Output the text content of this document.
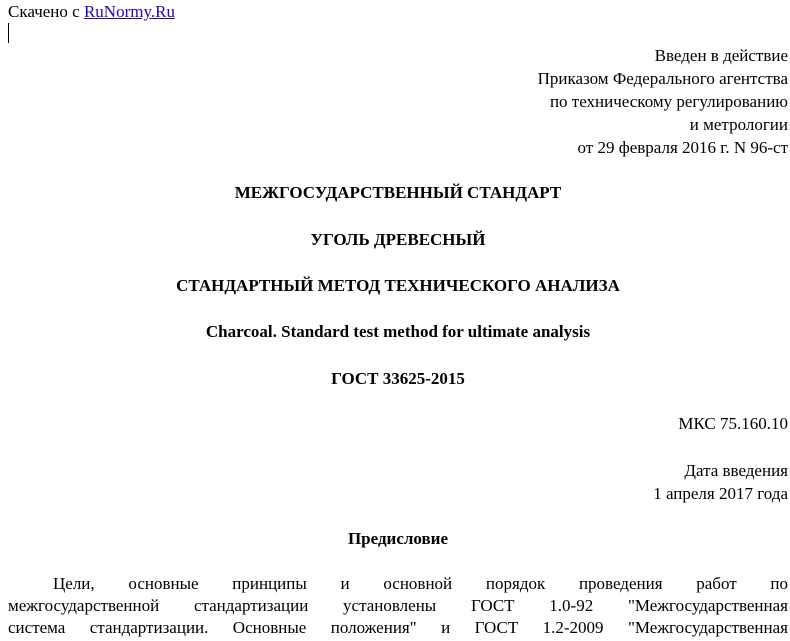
Скачено с RuNormy.Ru
Введен в действие
Приказом Федерального агентства
по техническому регулированию
и метрологии
от 29 февраля 2016 г. N 96-ст
МЕЖГОСУДАРСТВЕННЫЙ СТАНДАРТ
УГОЛЬ ДРЕВЕСНЫЙ
СТАНДАРТНЫЙ МЕТОД ТЕХНИЧЕСКОГО АНАЛИЗА
Charcoal. Standard test method for ultimate analysis
ГОСТ 33625-2015
МКС 75.160.10
Дата введения
1 апреля 2017 года
Предисловие
Цели, основные принципы и основной порядок проведения работ по
межгосударственной стандартизации установлены ГОСТ 1.0-92 "Межгосударственная
система стандартизации. Основные положения" и ГОСТ 1.2-2009 "Межгосударственная
